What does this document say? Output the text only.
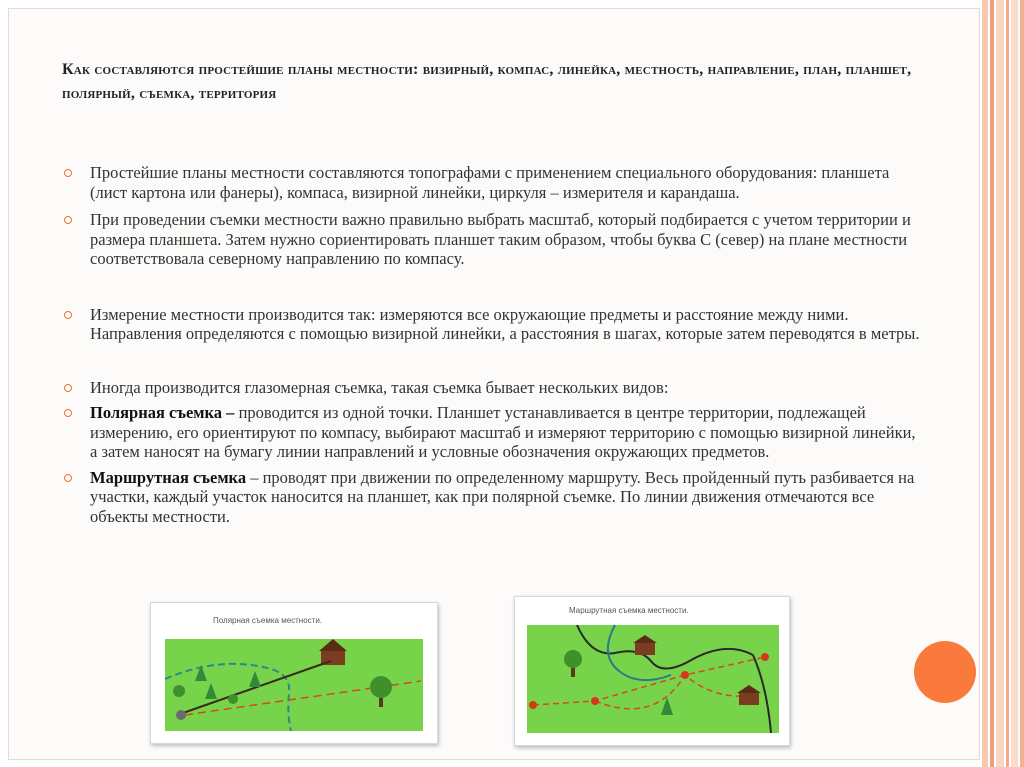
Как составляются простейшие планы местности: визирный, компас, линейка, местность, направление, план, планшет, полярный, съемка, территория
Простейшие планы местности составляются топографами с применением специального оборудования: планшета (лист картона или фанеры), компаса, визирной линейки, циркуля – измерителя и карандаша.
При проведении съемки местности важно правильно выбрать масштаб, который подбирается с учетом территории и размера планшета. Затем нужно сориентировать планшет таким образом, чтобы буква С (север) на плане местности соответствовала северному направлению по компасу.
Измерение местности производится так: измеряются все окружающие предметы и расстояние между ними. Направления определяются с помощью визирной линейки, а расстояния в шагах, которые затем переводятся в метры.
Иногда производится глазомерная съемка, такая съемка бывает нескольких видов:
Полярная съемка – проводится из одной точки. Планшет устанавливается в центре территории, подлежащей измерению, его ориентируют по компасу, выбирают масштаб и измеряют территорию с помощью визирной линейки, а затем наносят на бумагу линии направлений и условные обозначения окружающих предметов.
Маршрутная съемка – проводят при движении по определенному маршруту. Весь пройденный путь разбивается на участки, каждый участок наносится на планшет, как при полярной съемке. По линии движения отмечаются все объекты местности.
Полярная съемка местности.
Маршрутная съемка местности.
